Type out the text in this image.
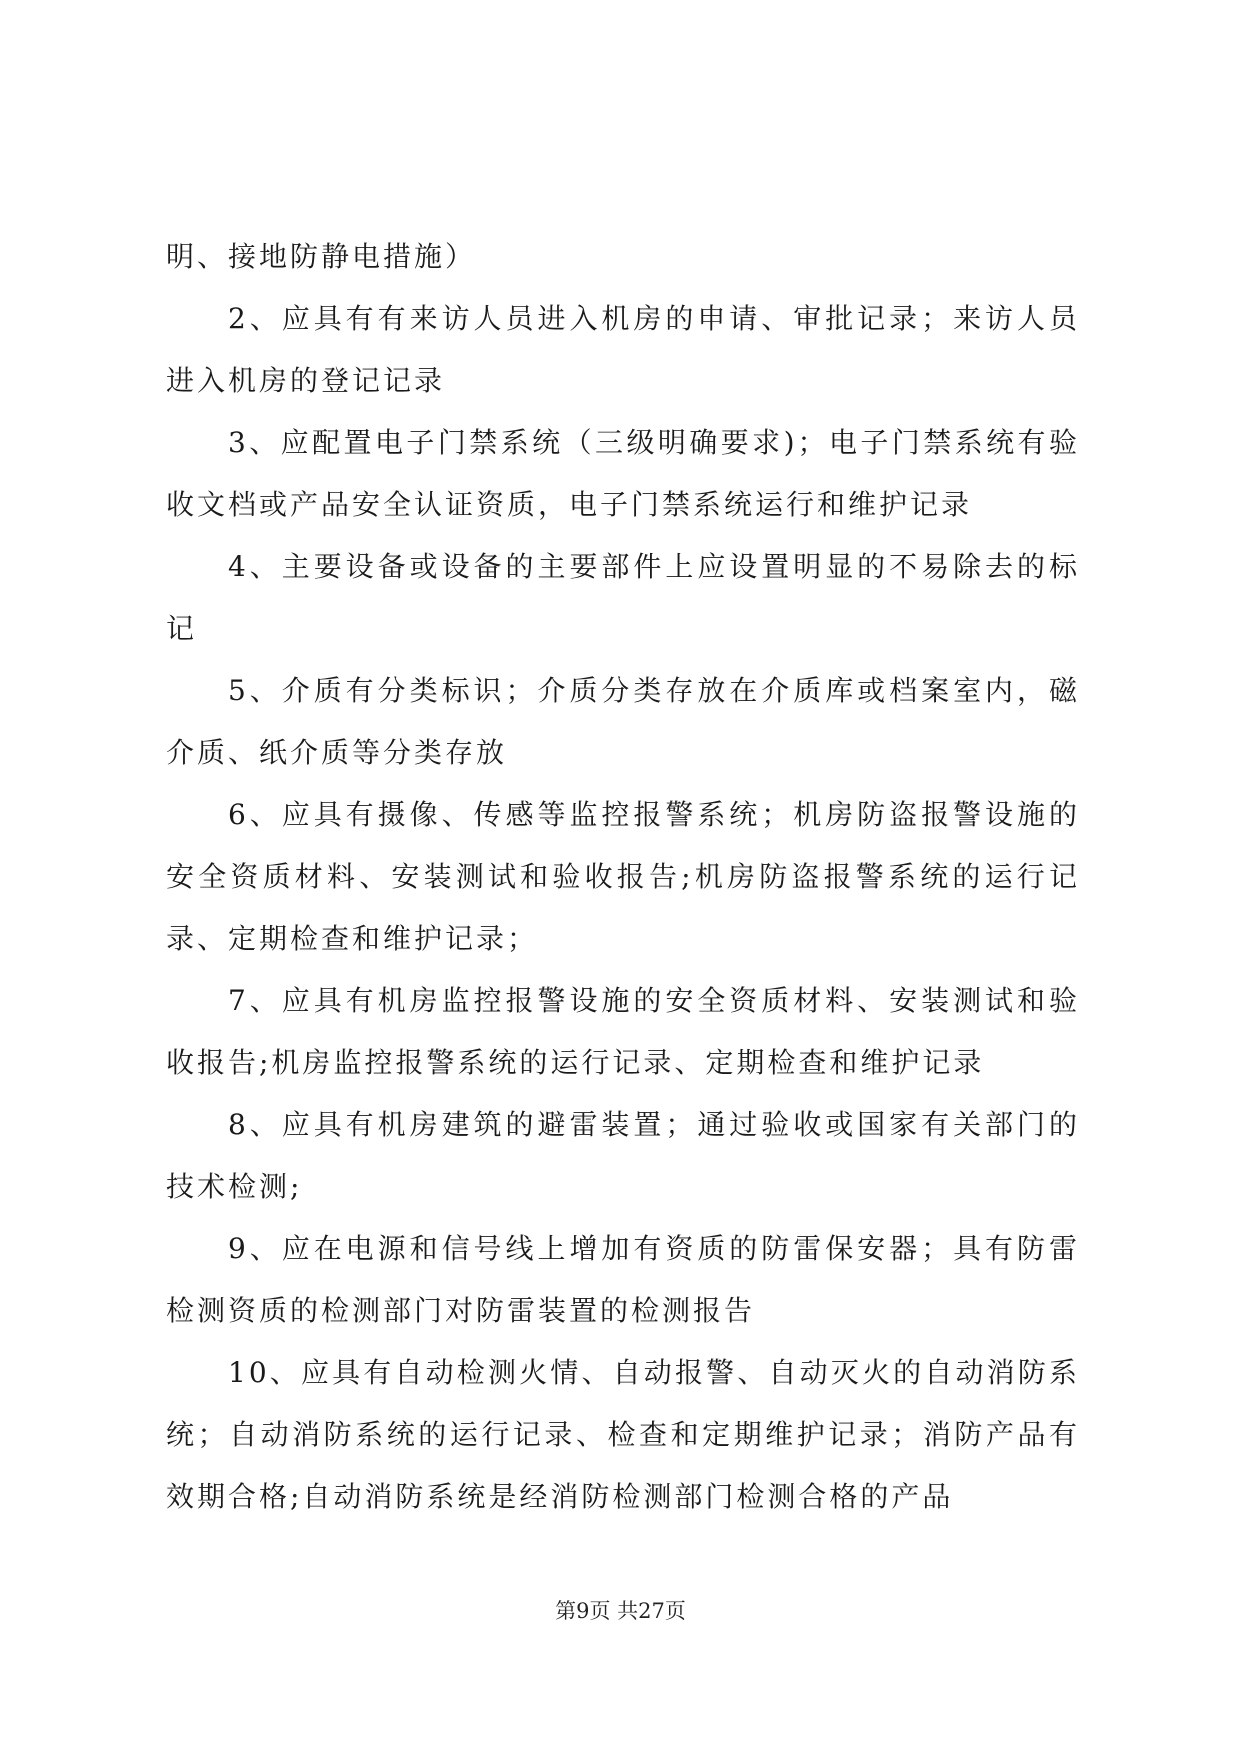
明、接地防静电措施）

2、应具有有来访人员进入机房的申请、审批记录；来访人员进入机房的登记记录

3、应配置电子门禁系统（三级明确要求)；电子门禁系统有验收文档或产品安全认证资质，电子门禁系统运行和维护记录

4、主要设备或设备的主要部件上应设置明显的不易除去的标记

5、介质有分类标识；介质分类存放在介质库或档案室内，磁介质、纸介质等分类存放

6、应具有摄像、传感等监控报警系统；机房防盗报警设施的安全资质材料、安装测试和验收报告;机房防盗报警系统的运行记录、定期检查和维护记录；

7、应具有机房监控报警设施的安全资质材料、安装测试和验收报告;机房监控报警系统的运行记录、定期检查和维护记录

8、应具有机房建筑的避雷装置；通过验收或国家有关部门的技术检测;

9、应在电源和信号线上增加有资质的防雷保安器；具有防雷检测资质的检测部门对防雷装置的检测报告

10、应具有自动检测火情、自动报警、自动灭火的自动消防系统；自动消防系统的运行记录、检查和定期维护记录；消防产品有效期合格;自动消防系统是经消防检测部门检测合格的产品

第9页 共27页
